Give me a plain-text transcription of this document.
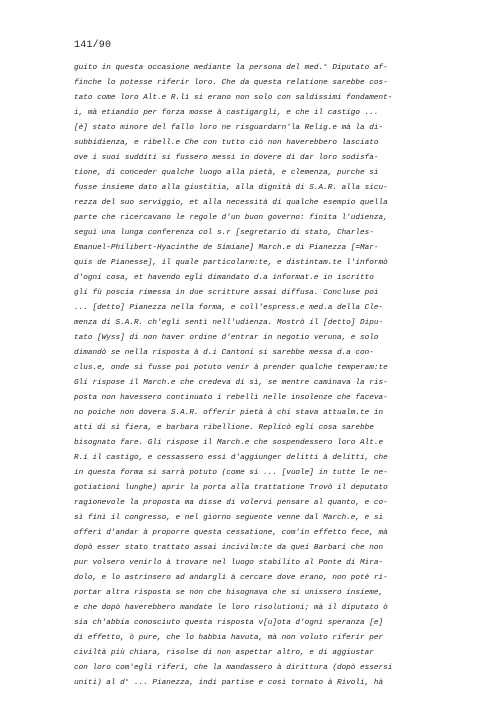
141/90
guito in questa occasione mediante la persona del med.° Diputato af-
finche lo potesse riferir loro. Che da questa relatione sarebbe cos-
tato come loro Alt.e R.li si erano non solo con saldissimi fondament-
i, mà etiandio per forza mosse à castigargli, e che il castigo ...
[è] stato minore del fallo loro ne risguardarn'la Relig.e mà la di-
subbidienza, e ribell.e Che con tutto ciò non haverebbero lasciato
ove i suoi sudditi si fussero messi in dovere di dar loro sodisfa-
tione, di conceder qualche luogo alla pietà, e clemenza, purche si
fusse insieme dato alla giustitia, alla dignità di S.A.R. alla sicu-
rezza del suo serviggio, et alla necessità di qualche esempio quella
parte che ricercavano le regole d'un buon governo: finita l'udienza,
seguì una lunga conferenza col s.r [segretario di stato, Charles-
Emanuel-Philibert-Hyacinthe de Simiane] March.e di Pianezza [=Mar-
quis de Pianesse], il quale particolarm:te, e distintam.te l'informò
d'ogni cosa, et havendo egli dimandato d.a informat.e in iscritto
gli fù poscia rimessa in due scritture assai diffusa. Concluse poi
... [detto] Pianezza nella forma, e coll'espress.e med.a della Cle-
menza di S.A.R. ch'egli sentì nell'udienza. Mostrò il [detto] Dipu-
tato [Wyss] di non haver ordine d'entrar in negotio veruna, e solo
dimandò se nella risposta à d.i Cantoni si sarebbe messa d.a con-
clus.e, onde si fusse poi potuto venir à prender qualche temperam:te
Gli rispose il March.e che credeva di sì, se mentre caminava la ris-
posta non havessero continuato i rebelli nelle insolenze che faceva-
no poiche non dovera S.A.R. offerir pietà à chi stava attualm.te in
atti di sì fiera, e barbara ribellione. Replicò egli cosa sarebbe
bisognato fare. Gli rispose il March.e che sospendessero loro Alt.e
R.i il castigo, e cessassero essi d'aggiunger delitti à delitti, che
in questa forma si sarrà potuto (come si ... [vuole] in tutte le ne-
gotiationi lunghe) aprir la porta alla trattatione Trovò il deputato
ragionevole la proposta ma disse di volervi pensare al quanto, e co-
sì finì il congresso, e nel giorno seguente venne dal March.e, e si
offerì d'andar à proporre questa cessatione, com'in effetto fece, mà
dopò esser stato trattato assai incivilm:te da quei Barbari che non
pur volsero venirlo à trovare nel luogo stabilito al Ponte di Mira-
dolo, e lo astrinsero ad andargli à cercare dove erano, non potè ri-
portar altra risposta se non che bisognava che si unissero insieme,
e che dopò haverebbero mandate le loro risolutioni; mà il diputato ò
sia ch'abbia conosciuto questa risposta v[u]ota d'ogni speranza [e]
di effetto, ò pure, che lo habbia havuta, mà non voluto riferir per
civiltà più chiara, risolse di non aspettar altro, e di aggiustar
con loro com'egli riferì, che la mandassero à dirittura (dopò essersi
uniti) al d° ... Pianezza, indi partise e così tornato à Rivoli, hà
